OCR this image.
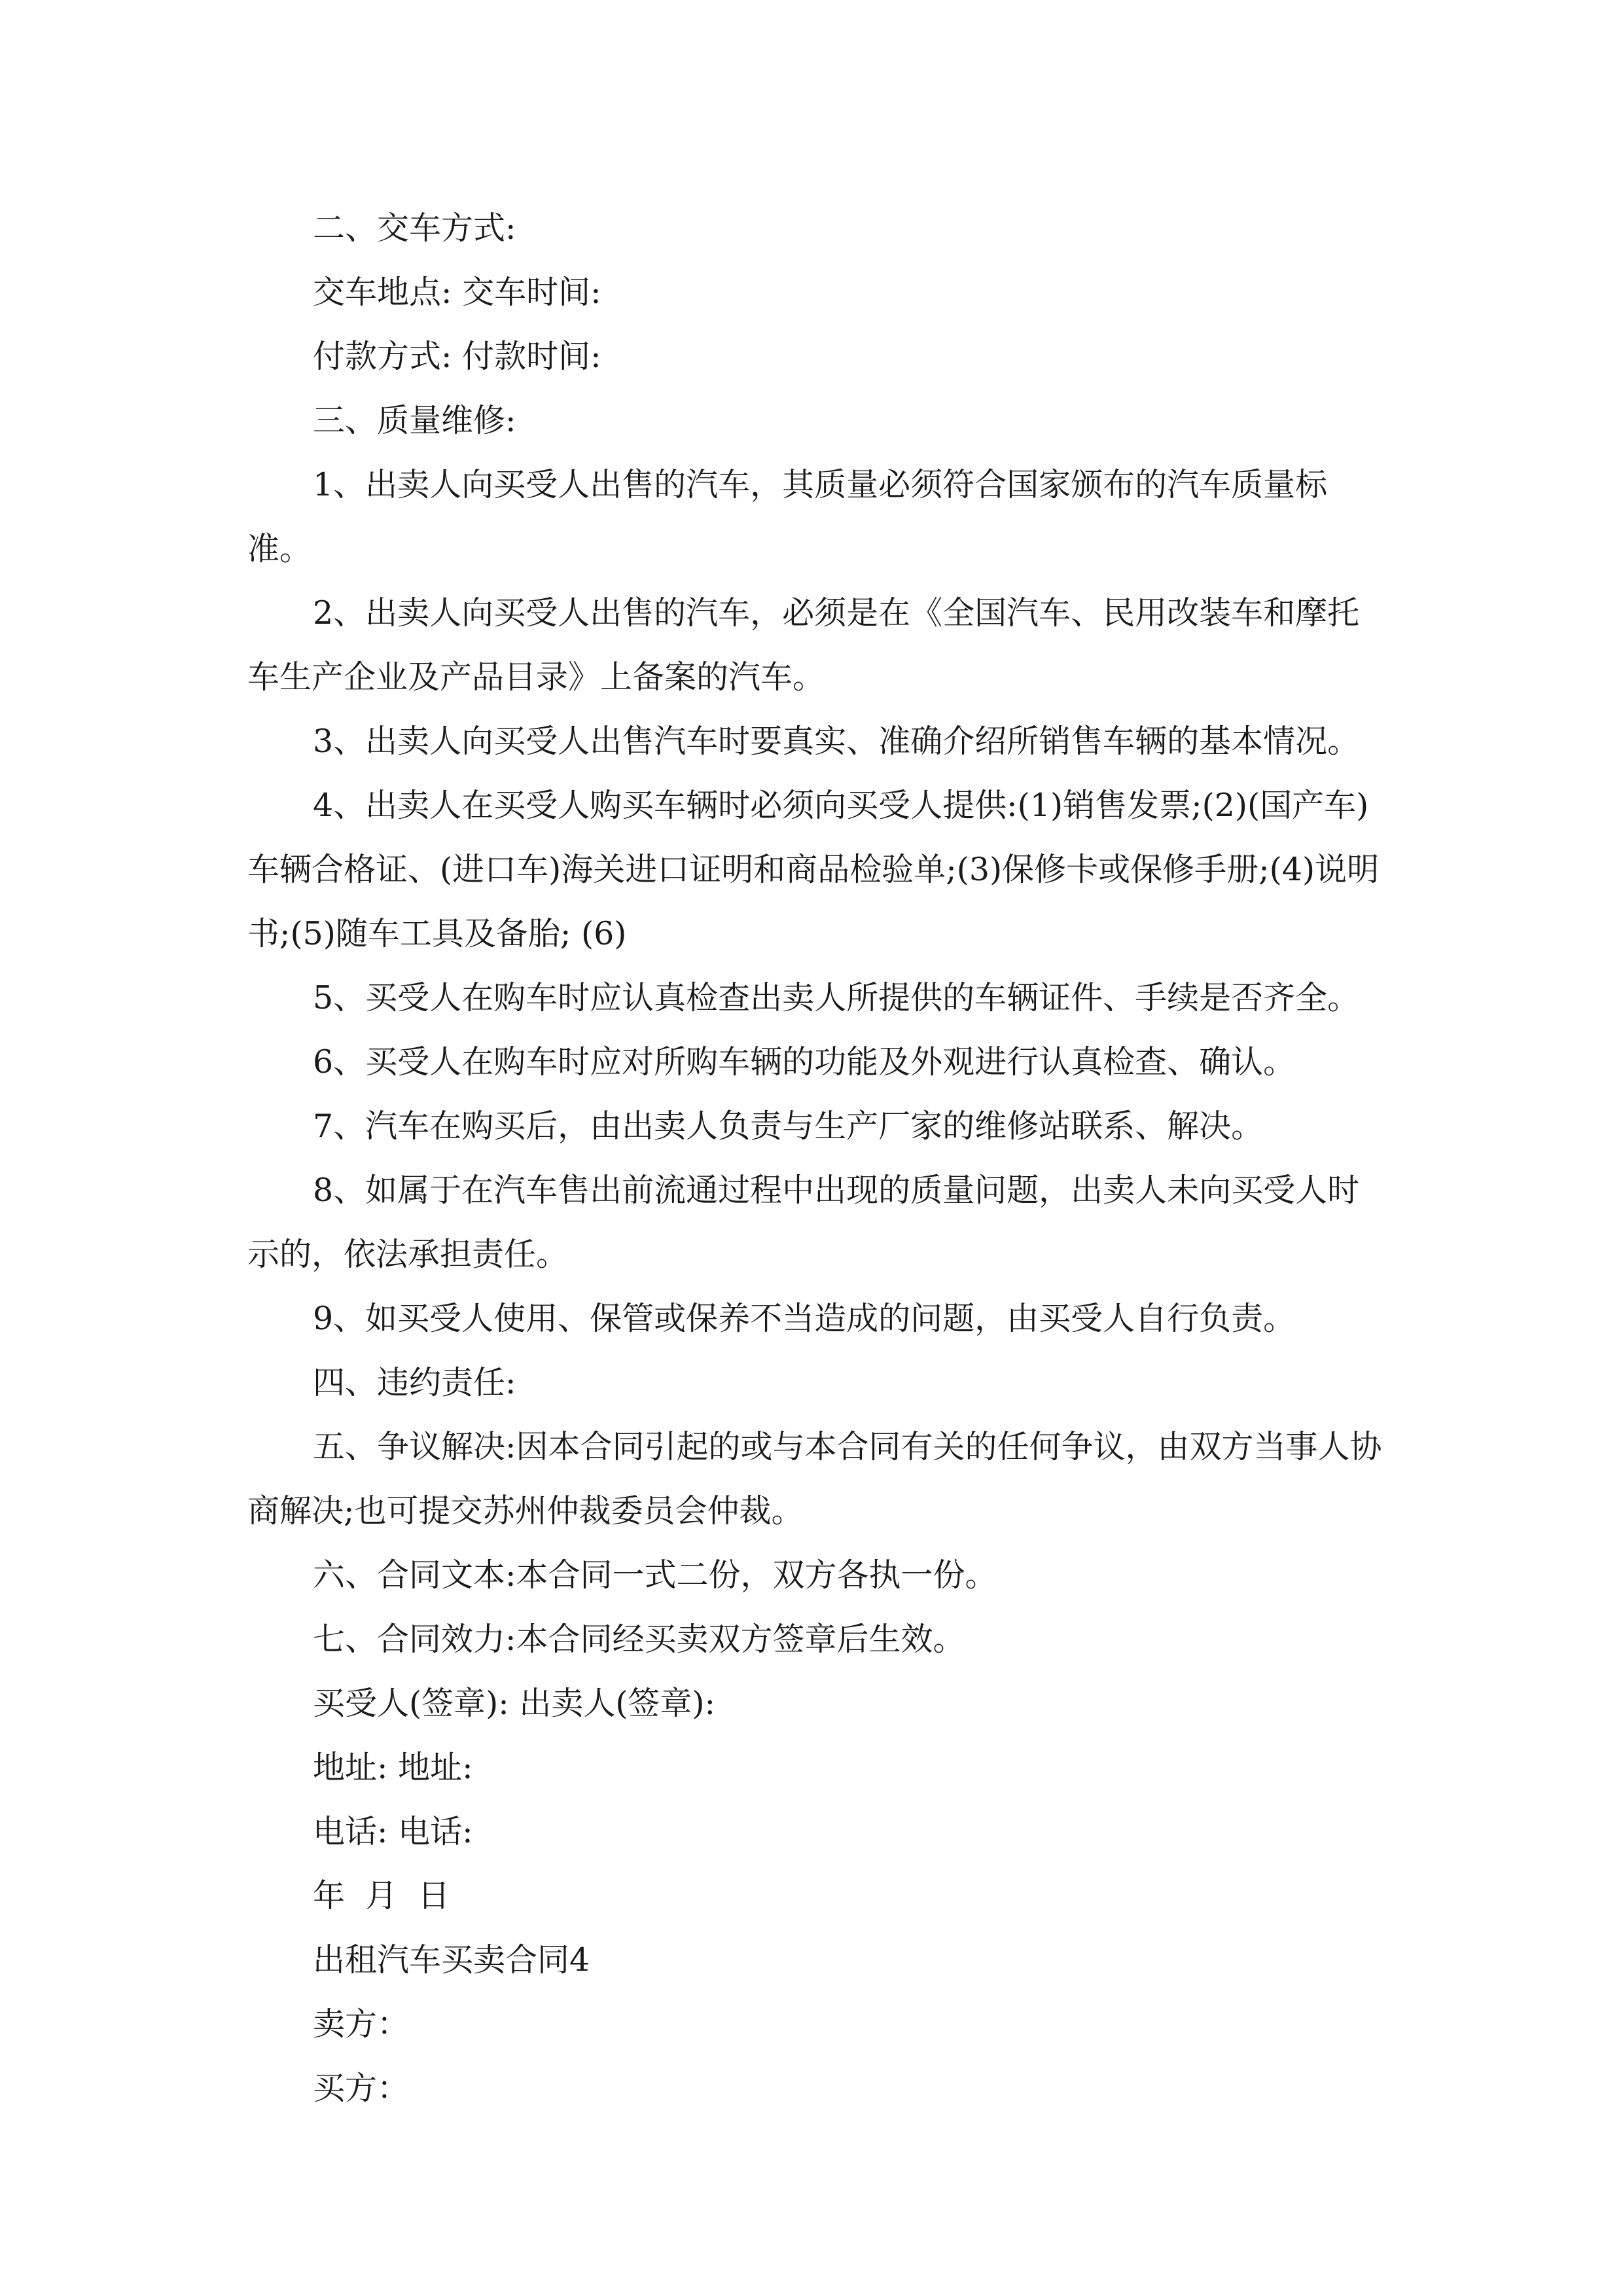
二、交车方式:

交车地点: 交车时间:

付款方式: 付款时间:

三、质量维修:

1、出卖人向买受人出售的汽车，其质量必须符合国家颁布的汽车质量标准。

2、出卖人向买受人出售的汽车，必须是在《全国汽车、民用改装车和摩托车生产企业及产品目录》上备案的汽车。

3、出卖人向买受人出售汽车时要真实、准确介绍所销售车辆的基本情况。

4、出卖人在买受人购买车辆时必须向买受人提供:(1)销售发票;(2)(国产车)车辆合格证、(进口车)海关进口证明和商品检验单;(3)保修卡或保修手册;(4)说明书;(5)随车工具及备胎; (6)

5、买受人在购车时应认真检查出卖人所提供的车辆证件、手续是否齐全。

6、买受人在购车时应对所购车辆的功能及外观进行认真检查、确认。

7、汽车在购买后，由出卖人负责与生产厂家的维修站联系、解决。

8、如属于在汽车售出前流通过程中出现的质量问题，出卖人未向买受人时示的，依法承担责任。

9、如买受人使用、保管或保养不当造成的问题，由买受人自行负责。

四、违约责任:

五、争议解决:因本合同引起的或与本合同有关的任何争议，由双方当事人协商解决;也可提交苏州仲裁委员会仲裁。

六、合同文本:本合同一式二份，双方各执一份。

七、合同效力:本合同经买卖双方签章后生效。

买受人(签章): 出卖人(签章):

地址: 地址:

电话: 电话:

年  月  日

出租汽车买卖合同4

卖方：

买方：
